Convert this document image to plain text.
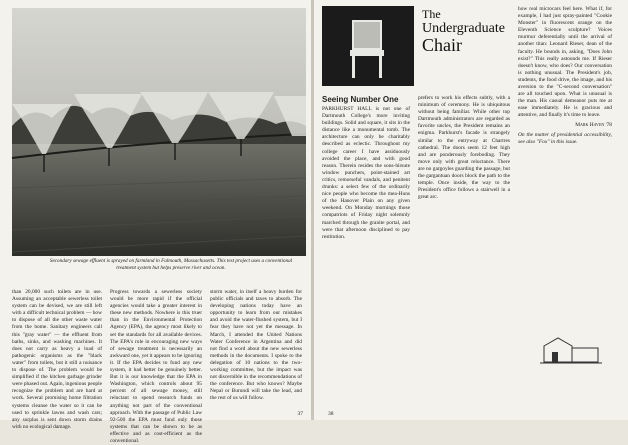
Secondary sewage effluent is sprayed on farmland in Falmouth, Massachusetts. This test project uses a conventional treatment system but helps preserve river and ocean.

than 20,000 such toilets are in use. Assuming an acceptable sewerless toilet system can be devised, we are still left with a difficult technical problem — how to dispose of all the other waste water from the home. Sanitary engineers call this "gray water" — the effluent from baths, sinks, and washing machines. It does not carry as heavy a load of pathogenic organisms as the "black water" from toilets, but it still a nuisance to dispose of. The problem would be simplified if the kitchen garbage grinder were phased out. Again, ingenious people recognize the problem and are hard at work. Several promising home filtration systems cleanse the water so it can be used to sprinkle lawns and wash cars; any surplus is sent down storm drains with no ecological damage.

Progress towards a sewerless society would be more rapid if the official agencies would take a greater interest in these new methods. Nowhere is this truer than in the Environmental Protection Agency (EPA), the agency most likely to set the standards for all available devices. The EPA's role in encouraging new ways of sewage treatment is necessarily an awkward one, yet it appears to be ignoring it. If the EPA decides to fund any new system, it had better be genuinely better. But it is our knowledge that the EPA in Washington, which controls about 95 percent of all sewage money, still reluctant to spend research funds on anything not part of the conventional approach. With the passage of Public Law 92-500 the EPA must fund only those systems that can be shown to be as effective and as cost-efficient as the conventional.

storm water, in itself a heavy burden for public officials and taxes to absorb. The developing nations today have an opportunity to learn from our mistakes and avoid the water-flushed system, but I fear they have not yet the message. In March, I attended the United Nations Water Conference in Argentina and did not find a word about the new sewerless methods in the documents. I spoke to the delegation of 10 nations to the two-working committee, but the impact was not discernible in the recommendations of the conference. But who knows? Maybe Nepal or Burundi will take the lead, and the rest of us will follow.

37
The
Undergraduate
Chair
Seeing Number One

PARKHURST HALL is not one of Dartmouth College's more inviting buildings. Solid and square, it sits in the distance like a monumental tomb. The architecture can only be charitably described as eclectic. Throughout my college career I have assiduously avoided the place, and with good reason. Therein resides the sons-hirsute window punchers, point-stained art critics, remorseful vandals, and penitent drunks: a select few of the ordinarily nice people who become the mea-Huns of the Hanover Plain on any given weekend. On Monday mornings those compatriots of Friday night solemnly marched through the granite portal, and were that afternoon disciplined to pay restitution.

prefers to work his effects subtly, with a minimum of ceremony. He is ubiquitous without being familiar. While other top Dartmouth administrators are regarded as favorite uncles, the President remains an enigma. Parkhurst's facade is strangely similar to the entryway at Chartres cathedral. The doors seem 12 feet high and are ponderously foreboding. They move only with great reluctance. There are no gargoyles guarding the passage, but the gargantuan doors block the path to the temple. Once inside, the way to the President's office follows a stairwell in a great arc.

how real microcars feel here. What if, for example, I had just spray-painted "Cookie Monster" in fluorescent orange on the Eleventh Science sculpture? Voices murmur deferentially until the arrival of another titan: Leonard Rieser, dean of the faculty. He bounds in, asking, "Does John exist?" This really astounds me. If Rieser doesn't know, who does? Our conversation is nothing unusual. The President's job, students, the food drive, the image, and his aversion to the "C-second conversation" are all touched upon. What is unusual is the man. His casual demeanor puts me at ease immediately. He is gracious and attentive, and finally it's time to leave.

Mark Haven '78

On the matter of presidential accessibility, see also "Fox" in this issue.

38
